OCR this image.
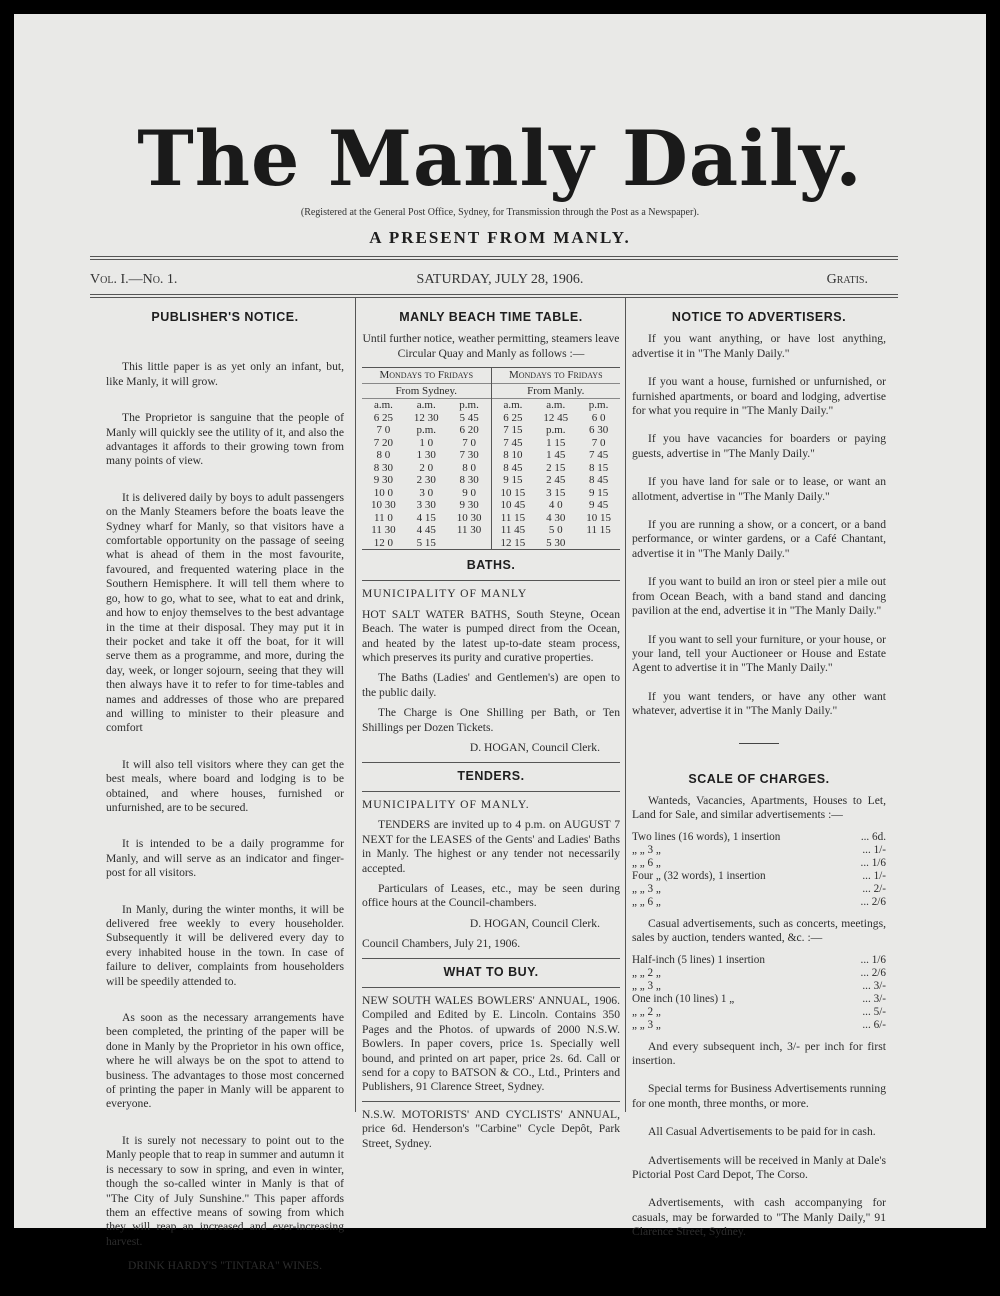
The Manly Daily.
(Registered at the General Post Office, Sydney, for Transmission through the Post as a Newspaper).
A PRESENT FROM MANLY.
Vol. I.—No. 1.	SATURDAY, JULY 28, 1906.	Gratis.
PUBLISHER'S NOTICE.

This little paper is as yet only an infant, but, like Manly, it will grow.

The Proprietor is sanguine that the people of Manly will quickly see the utility of it, and also the advantages it affords to their growing town from many points of view.

It is delivered daily by boys to adult passengers on the Manly Steamers before the boats leave the Sydney wharf for Manly, so that visitors have a comfortable opportunity on the passage of seeing what is ahead of them in the most favourite, favoured, and frequented watering place in the Southern Hemisphere. It will tell them where to go, how to go, what to see, what to eat and drink, and how to enjoy themselves to the best advantage in the time at their disposal. They may put it in their pocket and take it off the boat, for it will serve them as a programme, and more, during the day, week, or longer sojourn, seeing that they will then always have it to refer to for time-tables and names and addresses of those who are prepared and willing to minister to their pleasure and comfort

It will also tell visitors where they can get the best meals, where board and lodging is to be obtained, and where houses, furnished or unfurnished, are to be secured.

It is intended to be a daily programme for Manly, and will serve as an indicator and finger-post for all visitors.

In Manly, during the winter months, it will be delivered free weekly to every householder. Subsequently it will be delivered every day to every inhabited house in the town. In case of failure to deliver, complaints from householders will be speedily attended to.

As soon as the necessary arrangements have been completed, the printing of the paper will be done in Manly by the Proprietor in his own office, where he will always be on the spot to attend to business. The advantages to those most concerned of printing the paper in Manly will be apparent to everyone.

It is surely not necessary to point out to the Manly people that to reap in summer and autumn it is necessary to sow in spring, and even in winter, though the so-called winter in Manly is that of "The City of July Sunshine." This paper affords them an effective means of sowing from which they will reap an increased and ever-increasing harvest.

DRINK HARDY'S "TINTARA" WINES.

MANLY BEACH TIME TABLE.

Until further notice, weather permitting, steamers leave Circular Quay and Manly as follows :—

Mondays to Fridays
From Sydney.
a.m.	a.m.	p.m.
6 25	12 30	5 45
7 0	p.m.	6 20
7 20	1 0	7 0
8 0	1 30	7 30
8 30	2 0	8 0
9 30	2 30	8 30
10 0	3 0	9 0
10 30	3 30	9 30
11 0	4 15	10 30
11 30	4 45	11 30
12 0	5 15	
Mondays to Fridays
From Manly.
a.m.	a.m.	p.m.
6 25	12 45	6 0
7 15	p.m.	6 30
7 45	1 15	7 0
8 10	1 45	7 45
8 45	2 15	8 15
9 15	2 45	8 45
10 15	3 15	9 15
10 45	4 0	9 45
11 15	4 30	10 15
11 45	5 0	11 15
12 15	5 30	
BATHS.

MUNICIPALITY OF MANLY

HOT SALT WATER BATHS, South Steyne, Ocean Beach. The water is pumped direct from the Ocean, and heated by the latest up-to-date steam process, which preserves its purity and curative properties.

The Baths (Ladies' and Gentlemen's) are open to the public daily.

The Charge is One Shilling per Bath, or Ten Shillings per Dozen Tickets.

D. HOGAN, Council Clerk.

TENDERS.

MUNICIPALITY OF MANLY.

TENDERS are invited up to 4 p.m. on AUGUST 7 NEXT for the LEASES of the Gents' and Ladies' Baths in Manly. The highest or any tender not necessarily accepted.

Particulars of Leases, etc., may be seen during office hours at the Council-chambers.

D. HOGAN, Council Clerk.

Council Chambers, July 21, 1906.

WHAT TO BUY.

NEW SOUTH WALES BOWLERS' ANNUAL, 1906. Compiled and Edited by E. Lincoln. Contains 350 Pages and the Photos. of upwards of 2000 N.S.W. Bowlers. In paper covers, price 1s. Specially well bound, and printed on art paper, price 2s. 6d. Call or send for a copy to BATSON & CO., Ltd., Printers and Publishers, 91 Clarence Street, Sydney.

N.S.W. MOTORISTS' AND CYCLISTS' ANNUAL, price 6d. Henderson's "Carbine" Cycle Depôt, Park Street, Sydney.

NOTICE TO ADVERTISERS.

If you want anything, or have lost anything, advertise it in "The Manly Daily."

If you want a house, furnished or unfurnished, or furnished apartments, or board and lodging, advertise for what you require in "The Manly Daily."

If you have vacancies for boarders or paying guests, advertise in "The Manly Daily."

If you have land for sale or to lease, or want an allotment, advertise in "The Manly Daily."

If you are running a show, or a concert, or a band performance, or winter gardens, or a Café Chantant, advertise it in "The Manly Daily."

If you want to build an iron or steel pier a mile out from Ocean Beach, with a band stand and dancing pavilion at the end, advertise it in "The Manly Daily."

If you want to sell your furniture, or your house, or your land, tell your Auctioneer or House and Estate Agent to advertise it in "The Manly Daily."

If you want tenders, or have any other want whatever, advertise it in "The Manly Daily."

SCALE OF CHARGES.

Wanteds, Vacancies, Apartments, Houses to Let, Land for Sale, and similar advertisements :—

Two lines (16 words), 1 insertion	... 6d.
„ „ 3 „	... 1/-
„ „ 6 „	... 1/6
Four „ (32 words), 1 insertion	... 1/-
„ „ 3 „	... 2/-
„ „ 6 „	... 2/6

Casual advertisements, such as concerts, meetings, sales by auction, tenders wanted, &c. :—

Half-inch (5 lines) 1 insertion	... 1/6
„ „ 2 „	... 2/6
„ „ 3 „	... 3/-
One inch (10 lines) 1 „	... 3/-
„ „ 2 „	... 5/-
„ „ 3 „	... 6/-

And every subsequent inch, 3/- per inch for first insertion.

Special terms for Business Advertisements running for one month, three months, or more.

All Casual Advertisements to be paid for in cash.

Advertisements will be received in Manly at Dale's Pictorial Post Card Depot, The Corso.

Advertisements, with cash accompanying for casuals, may be forwarded to "The Manly Daily," 91 Clarence Street, Sydney.
